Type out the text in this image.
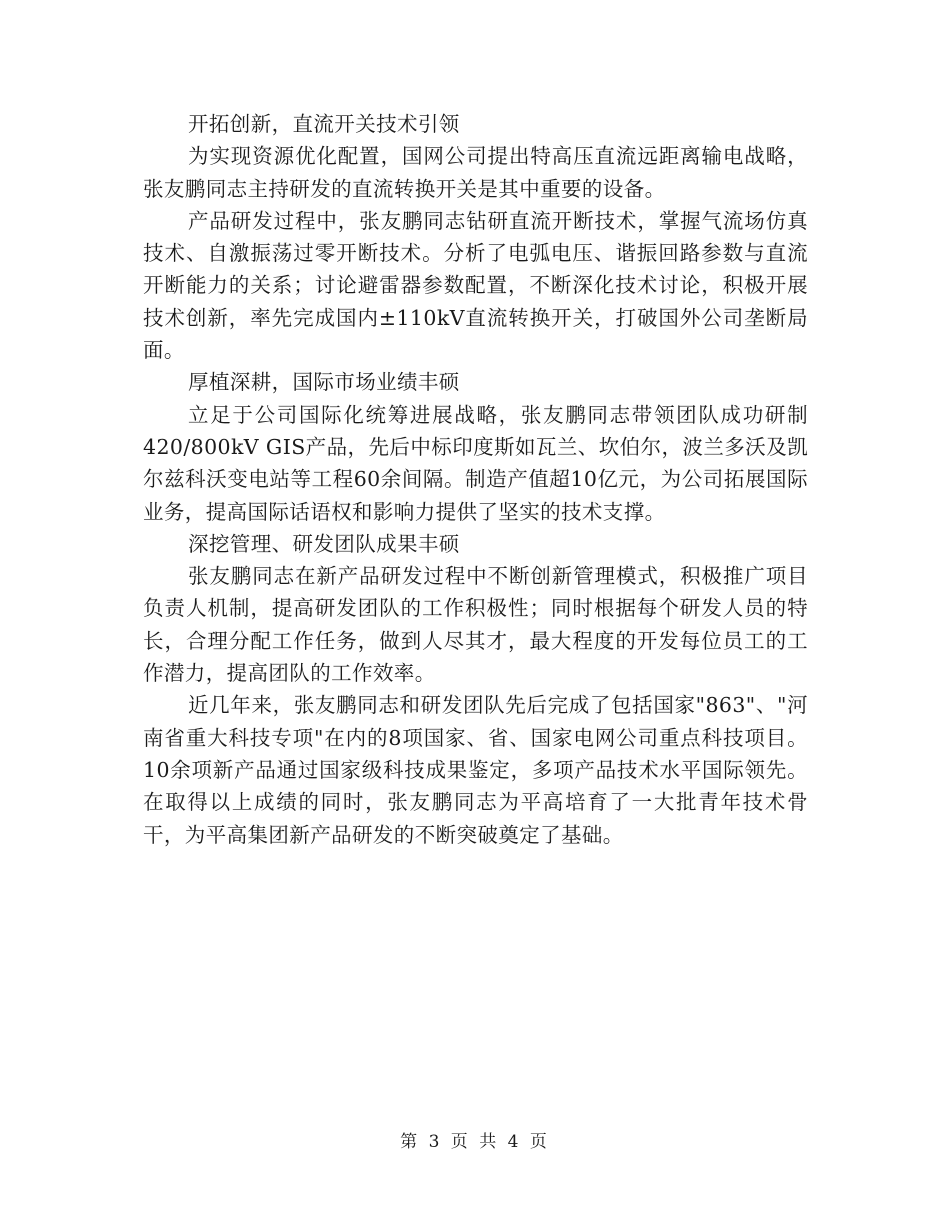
开拓创新，直流开关技术引领

为实现资源优化配置，国网公司提出特高压直流远距离输电战略，张友鹏同志主持研发的直流转换开关是其中重要的设备。

产品研发过程中，张友鹏同志钻研直流开断技术，掌握气流场仿真技术、自激振荡过零开断技术。分析了电弧电压、谐振回路参数与直流开断能力的关系；讨论避雷器参数配置，不断深化技术讨论，积极开展技术创新，率先完成国内±110kV直流转换开关，打破国外公司垄断局面。

厚植深耕，国际市场业绩丰硕

立足于公司国际化统筹进展战略，张友鹏同志带领团队成功研制420/800kV GIS产品，先后中标印度斯如瓦兰、坎伯尔，波兰多沃及凯尔兹科沃变电站等工程60余间隔。制造产值超10亿元，为公司拓展国际业务，提高国际话语权和影响力提供了坚实的技术支撑。

深挖管理、研发团队成果丰硕

张友鹏同志在新产品研发过程中不断创新管理模式，积极推广项目负责人机制，提高研发团队的工作积极性；同时根据每个研发人员的特长，合理分配工作任务，做到人尽其才，最大程度的开发每位员工的工作潜力，提高团队的工作效率。

近几年来，张友鹏同志和研发团队先后完成了包括国家"863"、"河南省重大科技专项"在内的8项国家、省、国家电网公司重点科技项目。10余项新产品通过国家级科技成果鉴定，多项产品技术水平国际领先。在取得以上成绩的同时，张友鹏同志为平高培育了一大批青年技术骨干，为平高集团新产品研发的不断突破奠定了基础。

第 3 页 共 4 页
